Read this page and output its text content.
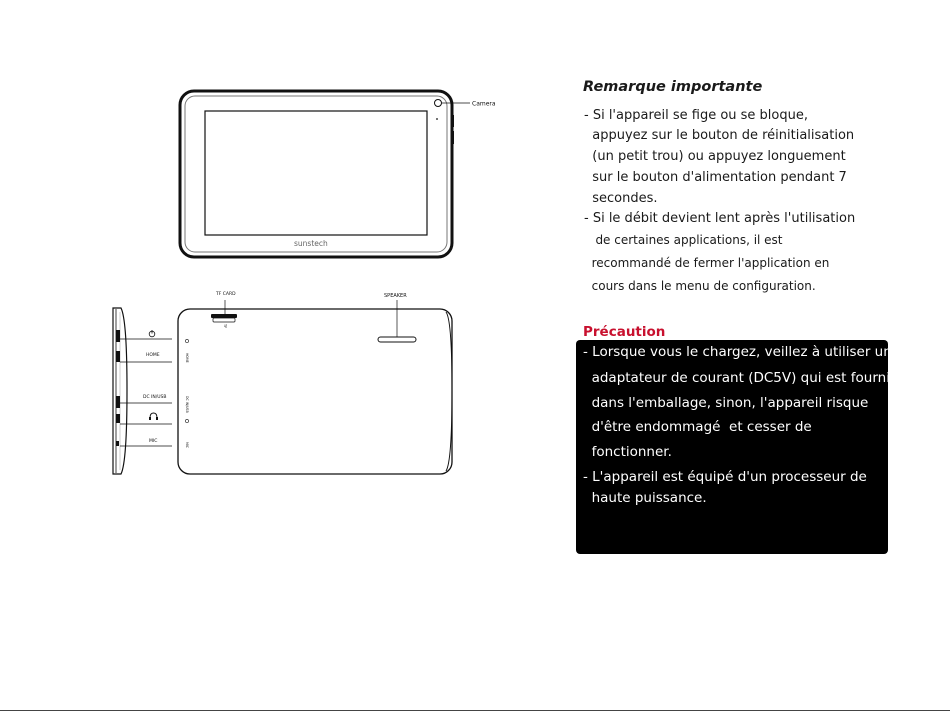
Camera
sunstech
HOME
DC IN/USB
MIC
TF CARD
TF
SPEAKER
HOME
DC IN/USB
MIC
Remarque importante
- Si l'appareil se fige ou se bloque,
appuyez sur le bouton de réinitialisation
(un petit trou) ou appuyez longuement
sur le bouton d'alimentation pendant 7
secondes.
- Si le débit devient lent après l'utilisation
de certaines applications, il est
recommandé de fermer l'application en
cours dans le menu de configuration.
Précaution
- Lorsque vous le chargez, veillez à utiliser un
adaptateur de courant (DC5V) qui est fourni
dans l'emballage, sinon, l'appareil risque
d'être endommagé  et cesser de
fonctionner.
- L'appareil est équipé d'un processeur de
haute puissance.
